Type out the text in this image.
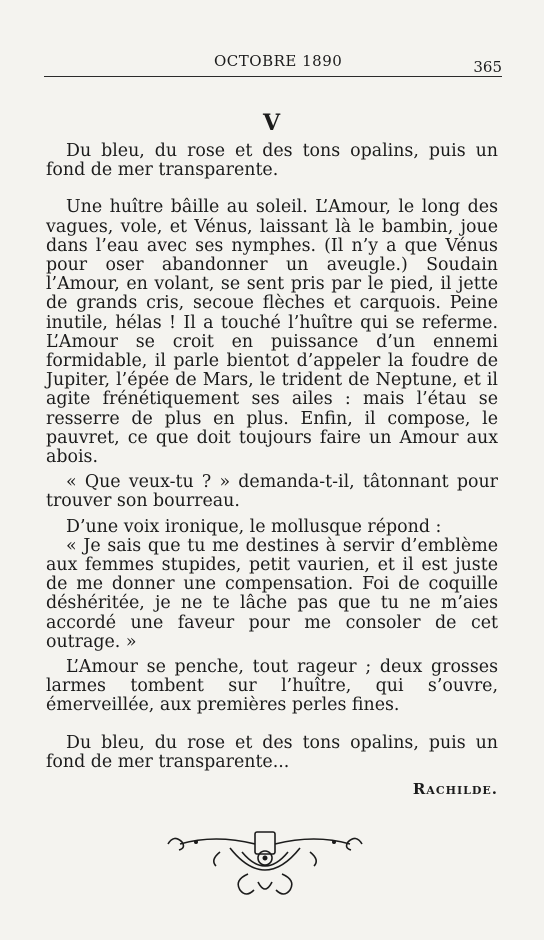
OCTOBRE 1890	365
V

Du bleu, du rose et des tons opalins, puis un fond de mer transparente.

Une huître bâille au soleil. L’Amour, le long des vagues, vole, et Vénus, laissant là le bambin, joue dans l’eau avec ses nymphes. (Il n’y a que Vénus pour oser abandonner un aveugle.) Soudain l’Amour, en volant, se sent pris par le pied, il jette de grands cris, secoue flèches et carquois. Peine inutile, hélas ! Il a touché l’huître qui se referme. L’Amour se croit en puissance d’un ennemi formidable, il parle bientot d’appeler la foudre de Jupiter, l’épée de Mars, le trident de Neptune, et il agite frénétiquement ses ailes : mais l’étau se resserre de plus en plus. Enfin, il compose, le pauvret, ce que doit toujours faire un Amour aux abois.

« Que veux-tu ? » demanda-t-il, tâtonnant pour trouver son bourreau.

D’une voix ironique, le mollusque répond :

« Je sais que tu me destines à servir d’emblème aux femmes stupides, petit vaurien, et il est juste de me donner une compensation. Foi de coquille déshéritée, je ne te lâche pas que tu ne m’aies accordé une faveur pour me consoler de cet outrage. »

L’Amour se penche, tout rageur ; deux grosses larmes tombent sur l’huître, qui s’ouvre, émerveillée, aux premières perles fines.

Du bleu, du rose et des tons opalins, puis un fond de mer transparente...

Rachilde.
